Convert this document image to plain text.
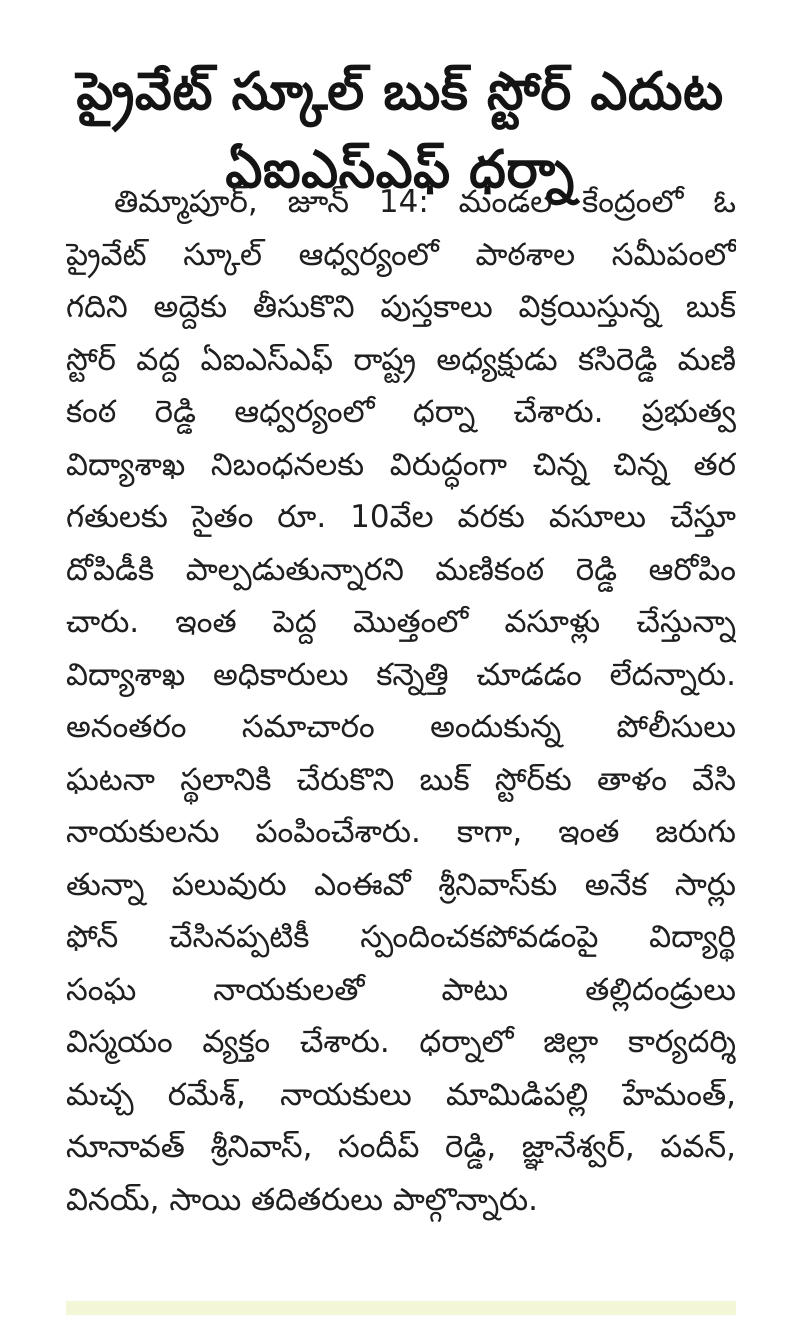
ప్రైవేట్ స్కూల్ బుక్ స్టోర్ ఎదుట
ఏఐఎస్ఎఫ్ ధర్నా
తిమ్మాపూర్, జూన్ 14: మండల కేంద్రంలో ఓ
ప్రైవేట్ స్కూల్ ఆధ్వర్యంలో పాఠశాల సమీపంలో
గదిని అద్దెకు తీసుకొని పుస్తకాలు విక్రయిస్తున్న బుక్
స్టోర్ వద్ద ఏఐఎస్ఎఫ్ రాష్ట్ర అధ్యక్షుడు కసిరెడ్డి మణి
కంఠ రెడ్డి ఆధ్వర్యంలో ధర్నా చేశారు. ప్రభుత్వ
విద్యాశాఖ నిబంధనలకు విరుద్ధంగా చిన్న చిన్న తర
గతులకు సైతం రూ. 10వేల వరకు వసూలు చేస్తూ
దోపిడీకి పాల్పడుతున్నారని మణికంఠ రెడ్డి ఆరోపిం
చారు. ఇంత పెద్ద మొత్తంలో వసూళ్లు చేస్తున్నా
విద్యాశాఖ అధికారులు కన్నెత్తి చూడడం లేదన్నారు.
అనంతరం సమాచారం అందుకున్న పోలీసులు
ఘటనా స్థలానికి చేరుకొని బుక్ స్టోర్‌కు తాళం వేసి
నాయకులను పంపించేశారు. కాగా, ఇంత జరుగు
తున్నా పలువురు ఎంఈవో శ్రీనివాస్‌కు అనేక సార్లు
ఫోన్ చేసినప్పటికీ స్పందించకపోవడంపై విద్యార్థి
సంఘ నాయకులతో పాటు తల్లిదండ్రులు
విస్మయం వ్యక్తం చేశారు. ధర్నాలో జిల్లా కార్యదర్శి
మచ్చ రమేశ్, నాయకులు మామిడిపల్లి హేమంత్,
నూనావత్ శ్రీనివాస్, సందీప్ రెడ్డి, జ్ఞానేశ్వర్, పవన్,
వినయ్, సాయి తదితరులు పాల్గొన్నారు.
